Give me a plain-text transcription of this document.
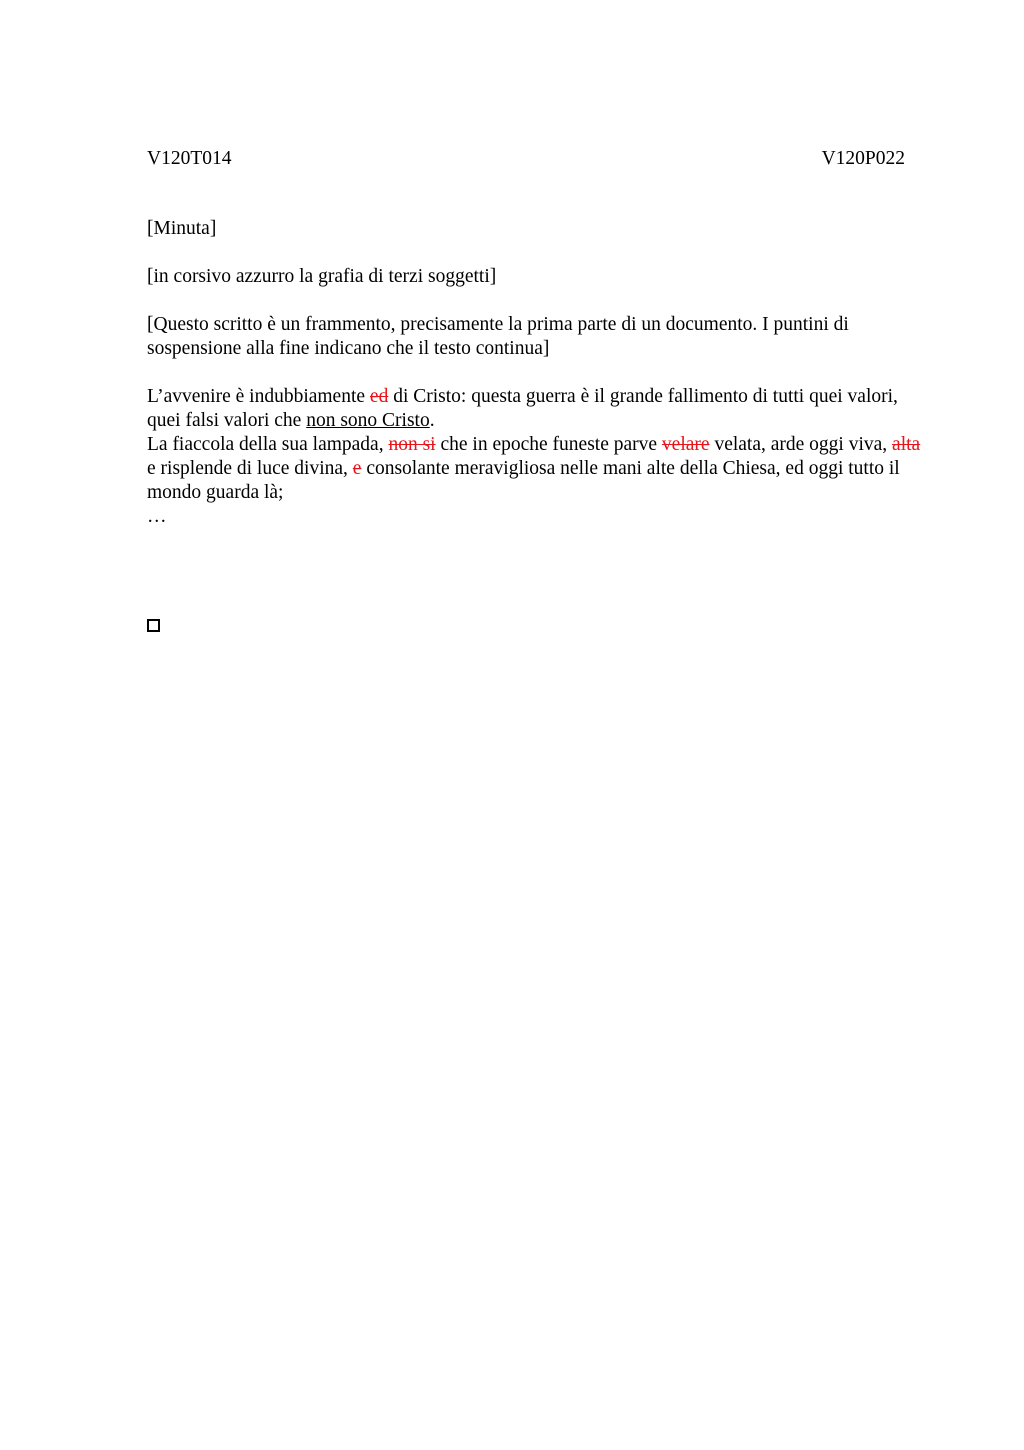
V120T014	V120P022

[Minuta]

[in corsivo azzurro la grafia di terzi soggetti]

[Questo scritto è un frammento, precisamente la prima parte di un documento. I puntini di sospensione alla fine indicano che il testo continua]

L’avvenire è indubbiamente ed di Cristo: questa guerra è il grande fallimento di tutti quei valori, quei falsi valori che non sono Cristo.
La fiaccola della sua lampada, non si che in epoche funeste parve velare velata, arde oggi viva, alta e risplende di luce divina, e consolante meravigliosa nelle mani alte della Chiesa, ed oggi tutto il mondo guarda là;
…
